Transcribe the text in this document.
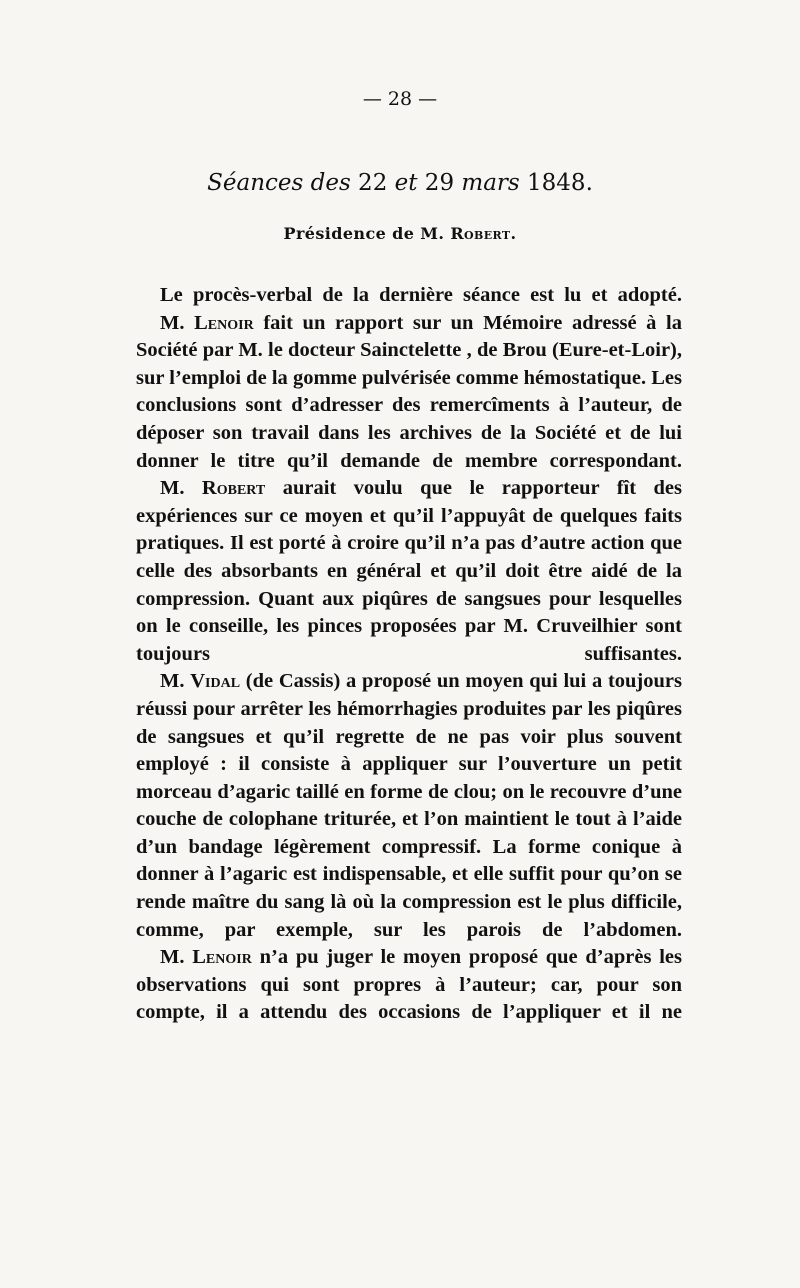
— 28 —
Séances des 22 et 29 mars 1848.
Présidence de M. Robert.

Le procès-verbal de la dernière séance est lu et adopté.

M. Lenoir fait un rapport sur un Mémoire adressé à la Société par M. le docteur Sainctelette , de Brou (Eure-et-Loir), sur l’emploi de la gomme pulvérisée comme hémostatique. Les conclusions sont d’adresser des remercîments à l’auteur, de déposer son travail dans les archives de la Société et de lui donner le titre qu’il demande de membre correspondant.

M. Robert aurait voulu que le rapporteur fît des expériences sur ce moyen et qu’il l’appuyât de quelques faits pratiques. Il est porté à croire qu’il n’a pas d’autre action que celle des absorbants en général et qu’il doit être aidé de la compression. Quant aux piqûres de sangsues pour lesquelles on le conseille, les pinces proposées par M. Cruveilhier sont toujours suffisantes.

M. Vidal (de Cassis) a proposé un moyen qui lui a toujours réussi pour arrêter les hémorrhagies produites par les piqûres de sangsues et qu’il regrette de ne pas voir plus souvent employé : il consiste à appliquer sur l’ouverture un petit morceau d’agaric taillé en forme de clou; on le recouvre d’une couche de colophane triturée, et l’on maintient le tout à l’aide d’un bandage légèrement compressif. La forme conique à donner à l’agaric est indispensable, et elle suffit pour qu’on se rende maître du sang là où la compression est le plus difficile, comme, par exemple, sur les parois de l’abdomen.

M. Lenoir n’a pu juger le moyen proposé que d’après les observations qui sont propres à l’auteur; car, pour son compte, il a attendu des occasions de l’appliquer et il ne
